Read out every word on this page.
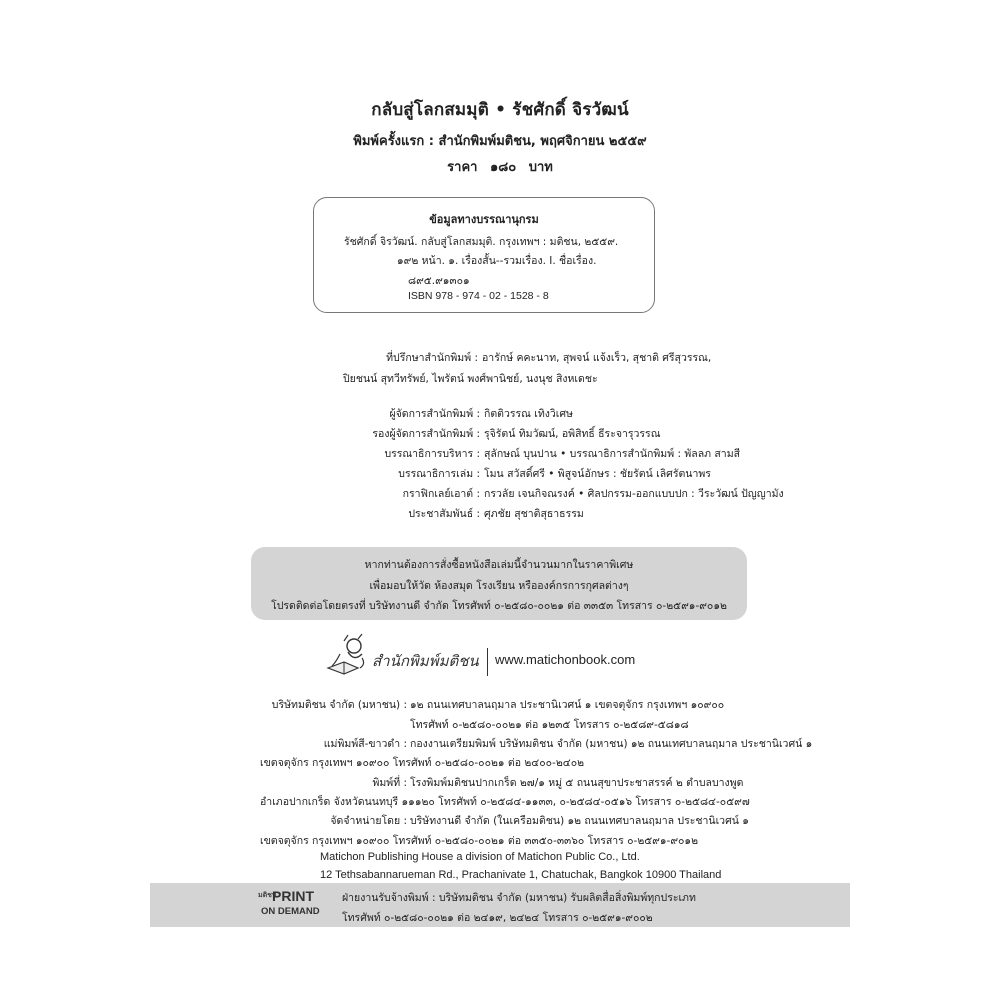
กลับสู่โลกสมมุติ • รัชศักดิ์ จิรวัฒน์
พิมพ์ครั้งแรก : สำนักพิมพ์มติชน, พฤศจิกายน ๒๕๕๙
ราคา ๑๘๐ บาท
ข้อมูลทางบรรณานุกรม
รัชศักดิ์ จิรวัฒน์. กลับสู่โลกสมมุติ. กรุงเทพฯ : มติชน, ๒๕๕๙.
๑๙๒ หน้า. ๑. เรื่องสั้น--รวมเรื่อง. I. ชื่อเรื่อง.
๘๙๕.๙๑๓๐๑
ISBN 978 - 974 - 02 - 1528 - 8
ที่ปรึกษาสำนักพิมพ์ : อารักษ์ คคะนาท, สุพจน์ แจ้งเร็ว, สุชาติ ศรีสุวรรณ,
ปิยชนน์ สุทวีทรัพย์, ไพรัตน์ พงศ์พานิชย์, นงนุช สิงหเดชะ
ผู้จัดการสำนักพิมพ์ : กิตติวรรณ เทิงวิเศษ
รองผู้จัดการสำนักพิมพ์ : รุจิรัตน์ ทิมวัฒน์, อพิสิทธิ์ ธีระจารุวรรณ
บรรณาธิการบริหาร : สุลักษณ์ บุนปาน • บรรณาธิการสำนักพิมพ์ : พัลลภ สามสี
บรรณาธิการเล่ม : โมน สวัสดิ์ศรี • พิสูจน์อักษร : ชัยรัตน์ เลิศรัตนาพร
กราฟิกเลย์เอาต์ : กรวลัย เจนกิจณรงค์ • ศิลปกรรม-ออกแบบปก : วีระวัฒน์ ปัญญามัง
ประชาสัมพันธ์ : ศุภชัย สุชาติสุธาธรรม
หากท่านต้องการสั่งซื้อหนังสือเล่มนี้จำนวนมากในราคาพิเศษ
เพื่อมอบให้วัด ห้องสมุด โรงเรียน หรือองค์กรการกุศลต่างๆ
โปรดติดต่อโดยตรงที่ บริษัทงานดี จำกัด โทรศัพท์ ๐-๒๕๘๐-๐๐๒๑ ต่อ ๓๓๕๓ โทรสาร ๐-๒๕๙๑-๙๐๑๒
สำนักพิมพ์มติชน www.matichonbook.com
บริษัทมติชน จำกัด (มหาชน) : ๑๒ ถนนเทศบาลนฤมาล ประชานิเวศน์ ๑ เขตจตุจักร กรุงเทพฯ ๑๐๙๐๐
โทรศัพท์ ๐-๒๕๘๐-๐๐๒๑ ต่อ ๑๒๓๕ โทรสาร ๐-๒๕๘๙-๕๘๑๘
แม่พิมพ์สี-ขาวดำ : กองงานเตรียมพิมพ์ บริษัทมติชน จำกัด (มหาชน) ๑๒ ถนนเทศบาลนฤมาล ประชานิเวศน์ ๑
เขตจตุจักร กรุงเทพฯ ๑๐๙๐๐ โทรศัพท์ ๐-๒๕๘๐-๐๐๒๑ ต่อ ๒๔๐๐-๒๔๐๒
พิมพ์ที่ : โรงพิมพ์มติชนปากเกร็ด ๒๗/๑ หมู่ ๕ ถนนสุขาประชาสรรค์ ๒ ตำบลบางพูด
อำเภอปากเกร็ด จังหวัดนนทบุรี ๑๑๑๒๐ โทรศัพท์ ๐-๒๕๘๔-๑๑๓๓, ๐-๒๕๘๔-๐๕๑๖ โทรสาร ๐-๒๕๘๔-๐๕๙๗
จัดจำหน่ายโดย : บริษัทงานดี จำกัด (ในเครือมติชน) ๑๒ ถนนเทศบาลนฤมาล ประชานิเวศน์ ๑
เขตจตุจักร กรุงเทพฯ ๑๐๙๐๐ โทรศัพท์ ๐-๒๕๘๐-๐๐๒๑ ต่อ ๓๓๕๐-๓๓๖๐ โทรสาร ๐-๒๕๙๑-๙๐๑๒
Matichon Publishing House a division of Matichon Public Co., Ltd.
12 Tethsabannarueman Rd., Prachanivate 1, Chatuchak, Bangkok 10900 Thailand
มติชน
PRINT
ON DEMAND
ฝ่ายงานรับจ้างพิมพ์ : บริษัทมติชน จำกัด (มหาชน) รับผลิตสื่อสิ่งพิมพ์ทุกประเภท
โทรศัพท์ ๐-๒๕๘๐-๐๐๒๑ ต่อ ๒๔๑๙, ๒๔๒๔ โทรสาร ๐-๒๕๙๑-๙๐๐๒
